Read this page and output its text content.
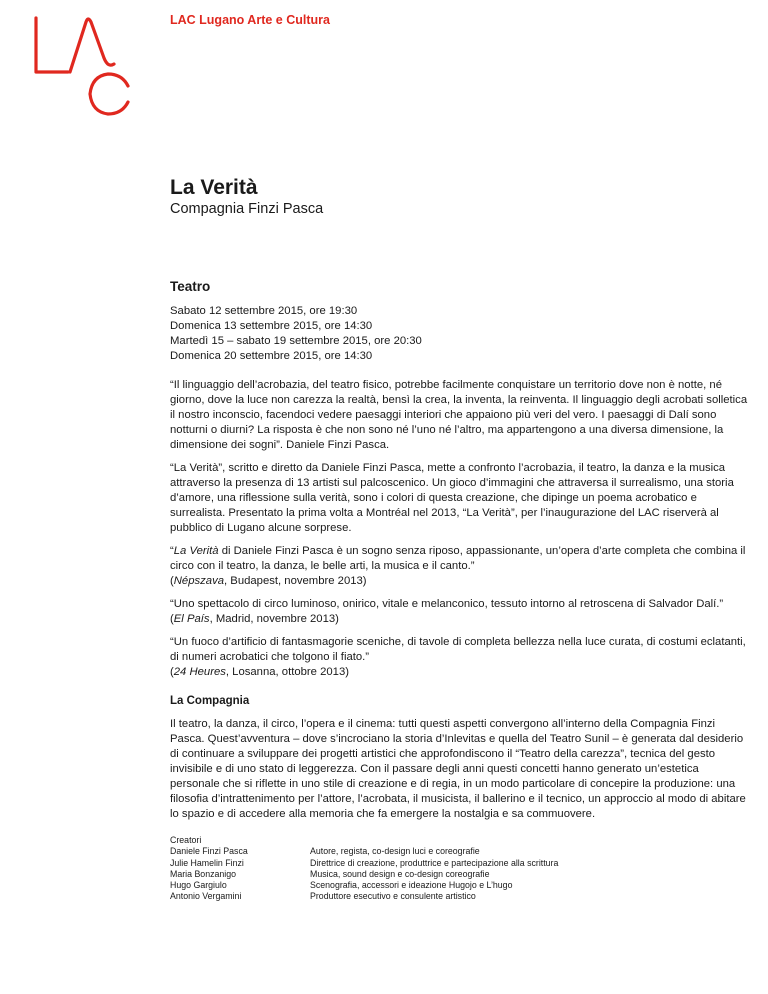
LAC Lugano Arte e Cultura
La Verità
Compagnia Finzi Pasca
Teatro
Sabato 12 settembre 2015, ore 19:30
Domenica 13 settembre 2015, ore 14:30
Martedì 15 – sabato 19 settembre 2015, ore 20:30
Domenica 20 settembre 2015, ore 14:30

“Il linguaggio dell’acrobazia, del teatro fisico, potrebbe facilmente conquistare un territorio dove non è notte, né giorno, dove la luce non carezza la realtà, bensì la crea, la inventa, la reinventa. Il linguaggio degli acrobati solletica il nostro inconscio, facendoci vedere paesaggi interiori che appaiono più veri del vero. I paesaggi di Dalí sono notturni o diurni? La risposta è che non sono né l’uno né l’altro, ma appartengono a una diversa dimensione, la dimensione dei sogni”. Daniele Finzi Pasca.

“La Verità”, scritto e diretto da Daniele Finzi Pasca, mette a confronto l’acrobazia, il teatro, la danza e la musica attraverso la presenza di 13 artisti sul palcoscenico. Un gioco d’immagini che attraversa il surrealismo, una storia d’amore, una riflessione sulla verità, sono i colori di questa creazione, che dipinge un poema acrobatico e surrealista. Presentato la prima volta a Montréal nel 2013, “La Verità”, per l’inaugurazione del LAC riserverà al pubblico di Lugano alcune sorprese.

“La Verità di Daniele Finzi Pasca è un sogno senza riposo, appassionante, un’opera d’arte completa che combina il circo con il teatro, la danza, le belle arti, la musica e il canto.”
(Népszava, Budapest, novembre 2013)

“Uno spettacolo di circo luminoso, onirico, vitale e melanconico, tessuto intorno al retroscena di Salvador Dalí.”
(El País, Madrid, novembre 2013)

“Un fuoco d’artificio di fantasmagorie sceniche, di tavole di completa bellezza nella luce curata, di costumi eclatanti, di numeri acrobatici che tolgono il fiato.”
(24 Heures, Losanna, ottobre 2013)

La Compagnia

Il teatro, la danza, il circo, l’opera e il cinema: tutti questi aspetti convergono all’interno della Compagnia Finzi Pasca. Quest’avventura – dove s’incrociano la storia d’Inlevitas e quella del Teatro Sunil – è generata dal desiderio di continuare a sviluppare dei progetti artistici che approfondiscono il “Teatro della carezza”, tecnica del gesto invisibile e di uno stato di leggerezza. Con il passare degli anni questi concetti hanno generato un’estetica personale che si riflette in uno stile di creazione e di regia, in un modo particolare di concepire la produzione: una filosofia d’intrattenimento per l’attore, l’acrobata, il musicista, il ballerino e il tecnico, un approccio al modo di abitare lo spazio e di accedere alla memoria che fa emergere la nostalgia e sa commuovere.

Creatori
Daniele Finzi Pasca	Autore, regista, co-design luci e coreografie
Julie Hamelin Finzi	Direttrice di creazione, produttrice e partecipazione alla scrittura
Maria Bonzanigo	Musica, sound design e co-design coreografie
Hugo Gargiulo	Scenografia, accessori e ideazione Hugojo e L’hugo
Antonio Vergamini	Produttore esecutivo e consulente artistico
